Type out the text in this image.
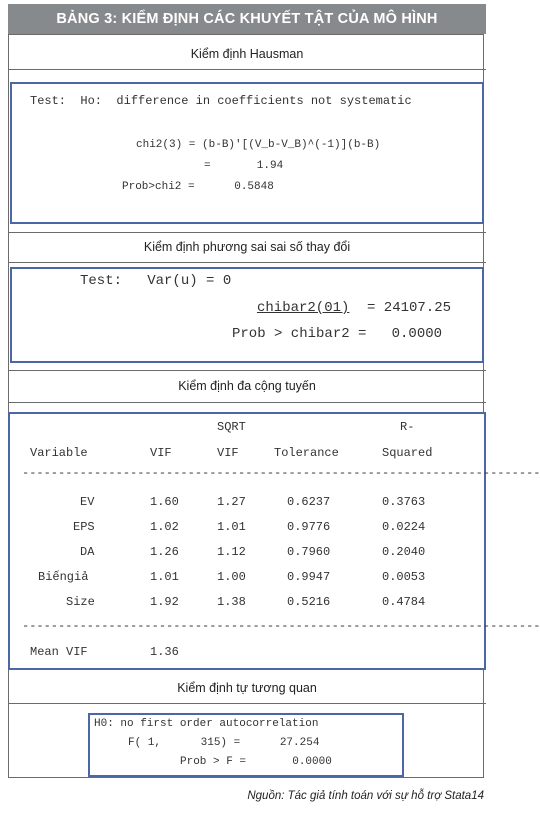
BẢNG 3: KIỂM ĐỊNH CÁC KHUYẾT TẬT CỦA MÔ HÌNH
Kiểm định Hausman
Test:  Ho:  difference in coefficients not systematic
chi2(3) = (b-B)'[(V_b-V_B)^(-1)](b-B)
=       1.94
Prob>chi2 =      0.5848
Kiểm định phương sai sai số thay đổi
Test:   Var(u) = 0
chibar2(01) = 24107.25
Prob > chibar2 =   0.0000
Kiểm định đa cộng tuyến
SQRT	R-
Variable	VIF	VIF	Tolerance	Squared
------------------------------------------------------------------------
EV	1.60	1.27	0.6237	0.3763
EPS	1.02	1.01	0.9776	0.0224
DA	1.26	1.12	0.7960	0.2040
Biếngiả	1.01	1.00	0.9947	0.0053
Size	1.92	1.38	0.5216	0.4784
------------------------------------------------------------------------
Mean VIF	1.36
Kiểm định tự tương quan
H0: no first order autocorrelation
F( 1,      315) =      27.254
Prob > F =       0.0000
Nguồn: Tác giả tính toán với sự hỗ trợ Stata14
